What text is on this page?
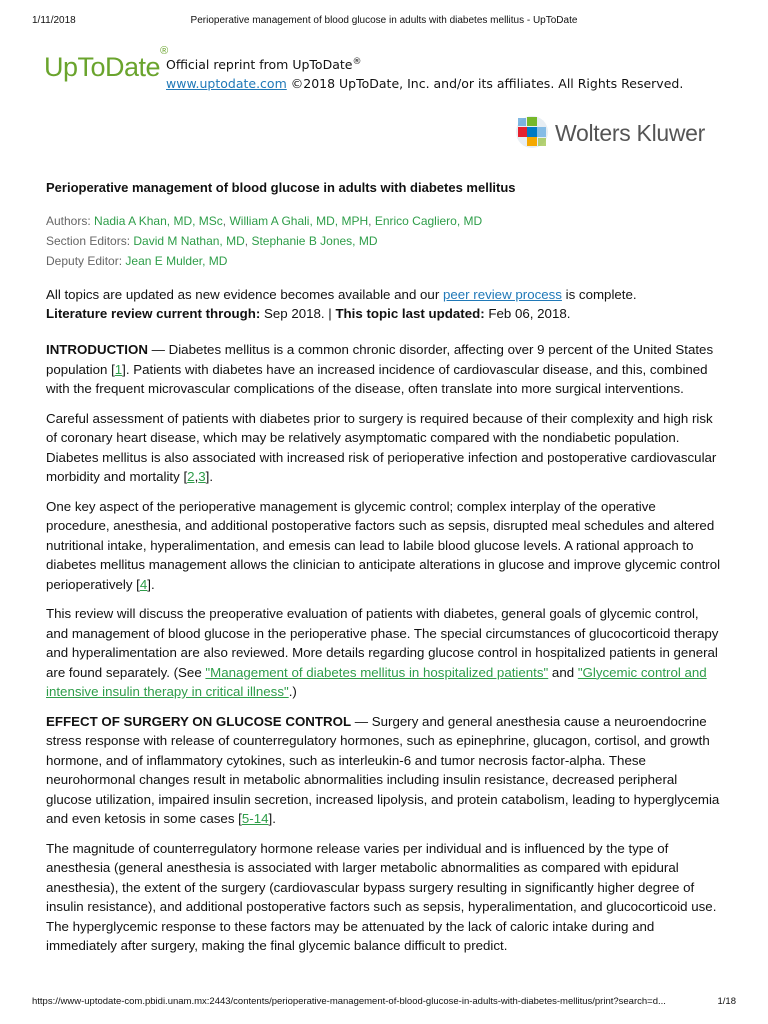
1/11/2018	Perioperative management of blood glucose in adults with diabetes mellitus - UpToDate
UpToDate®
Official reprint from UpToDate®
www.uptodate.com ©2018 UpToDate, Inc. and/or its affiliates. All Rights Reserved.
Wolters Kluwer
Perioperative management of blood glucose in adults with diabetes mellitus
Authors: Nadia A Khan, MD, MSc, William A Ghali, MD, MPH, Enrico Cagliero, MD
Section Editors: David M Nathan, MD, Stephanie B Jones, MD
Deputy Editor: Jean E Mulder, MD
All topics are updated as new evidence becomes available and our peer review process is complete.
Literature review current through: Sep 2018. | This topic last updated: Feb 06, 2018.
INTRODUCTION — Diabetes mellitus is a common chronic disorder, affecting over 9 percent of the United States population [1]. Patients with diabetes have an increased incidence of cardiovascular disease, and this, combined with the frequent microvascular complications of the disease, often translate into more surgical interventions.
Careful assessment of patients with diabetes prior to surgery is required because of their complexity and high risk of coronary heart disease, which may be relatively asymptomatic compared with the nondiabetic population. Diabetes mellitus is also associated with increased risk of perioperative infection and postoperative cardiovascular morbidity and mortality [2,3].
One key aspect of the perioperative management is glycemic control; complex interplay of the operative procedure, anesthesia, and additional postoperative factors such as sepsis, disrupted meal schedules and altered nutritional intake, hyperalimentation, and emesis can lead to labile blood glucose levels. A rational approach to diabetes mellitus management allows the clinician to anticipate alterations in glucose and improve glycemic control perioperatively [4].
This review will discuss the preoperative evaluation of patients with diabetes, general goals of glycemic control, and management of blood glucose in the perioperative phase. The special circumstances of glucocorticoid therapy and hyperalimentation are also reviewed. More details regarding glucose control in hospitalized patients in general are found separately. (See "Management of diabetes mellitus in hospitalized patients" and "Glycemic control and intensive insulin therapy in critical illness".)
EFFECT OF SURGERY ON GLUCOSE CONTROL — Surgery and general anesthesia cause a neuroendocrine stress response with release of counterregulatory hormones, such as epinephrine, glucagon, cortisol, and growth hormone, and of inflammatory cytokines, such as interleukin-6 and tumor necrosis factor-alpha. These neurohormonal changes result in metabolic abnormalities including insulin resistance, decreased peripheral glucose utilization, impaired insulin secretion, increased lipolysis, and protein catabolism, leading to hyperglycemia and even ketosis in some cases [5-14].
The magnitude of counterregulatory hormone release varies per individual and is influenced by the type of anesthesia (general anesthesia is associated with larger metabolic abnormalities as compared with epidural anesthesia), the extent of the surgery (cardiovascular bypass surgery resulting in significantly higher degree of insulin resistance), and additional postoperative factors such as sepsis, hyperalimentation, and glucocorticoid use. The hyperglycemic response to these factors may be attenuated by the lack of caloric intake during and immediately after surgery, making the final glycemic balance difficult to predict.
https://www-uptodate-com.pbidi.unam.mx:2443/contents/perioperative-management-of-blood-glucose-in-adults-with-diabetes-mellitus/print?search=d...	1/18
